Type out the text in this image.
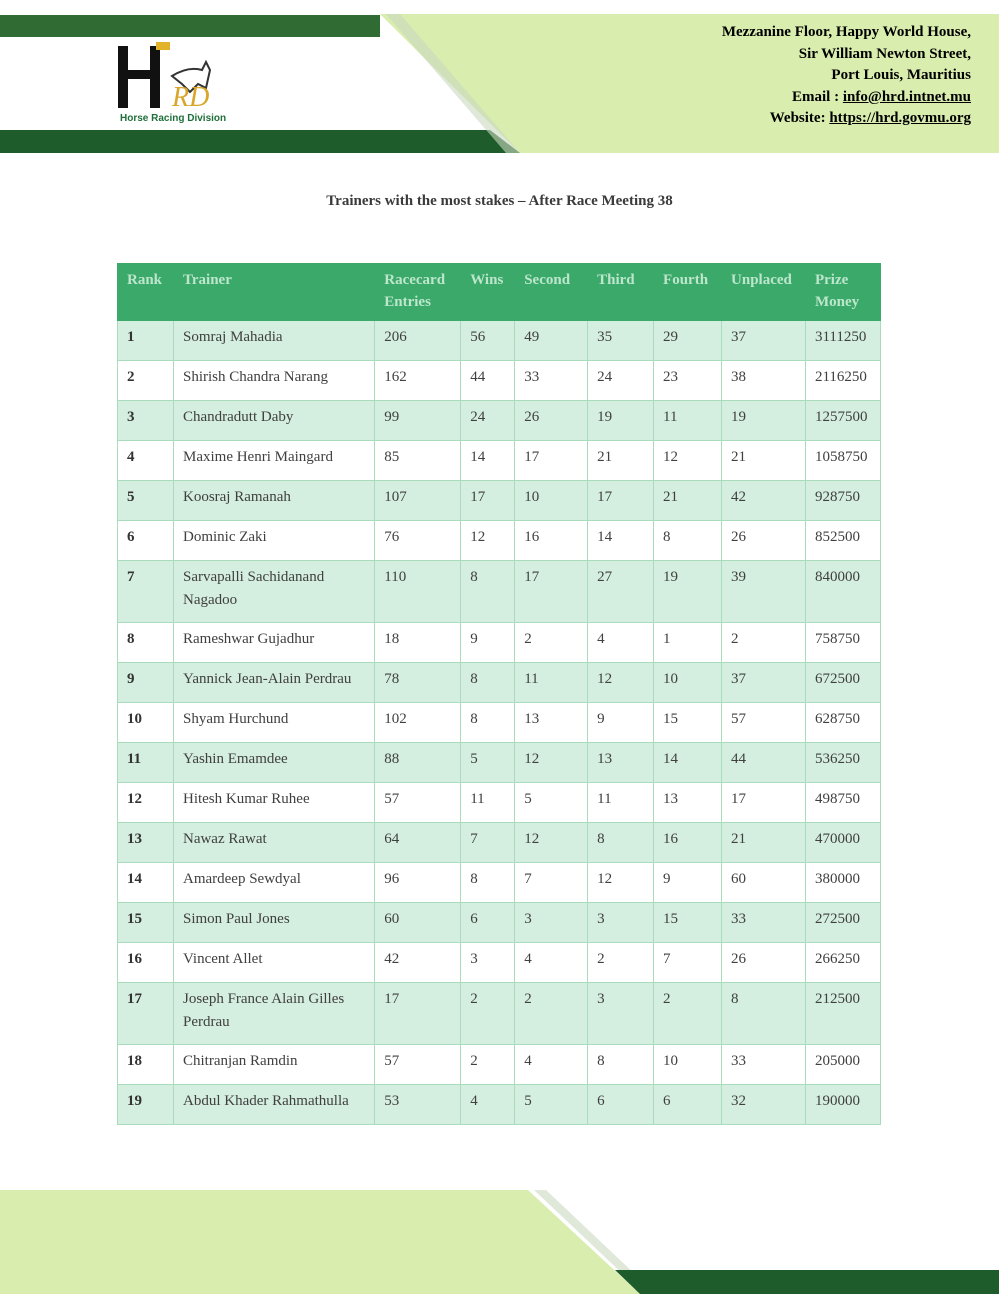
RD
Horse Racing Division
Mezzanine Floor, Happy World House,
Sir William Newton Street,
Port Louis, Mauritius
Email : info@hrd.intnet.mu
Website: https://hrd.govmu.org
Trainers with the most stakes – After Race Meeting 38
Rank	Trainer	Racecard Entries	Wins	Second	Third	Fourth	Unplaced	Prize Money
1	Somraj Mahadia	206	56	49	35	29	37	3111250
2	Shirish Chandra Narang	162	44	33	24	23	38	2116250
3	Chandradutt Daby	99	24	26	19	11	19	1257500
4	Maxime Henri Maingard	85	14	17	21	12	21	1058750
5	Koosraj Ramanah	107	17	10	17	21	42	928750
6	Dominic Zaki	76	12	16	14	8	26	852500
7	Sarvapalli Sachidanand Nagadoo	110	8	17	27	19	39	840000
8	Rameshwar Gujadhur	18	9	2	4	1	2	758750
9	Yannick Jean-Alain Perdrau	78	8	11	12	10	37	672500
10	Shyam Hurchund	102	8	13	9	15	57	628750
11	Yashin Emamdee	88	5	12	13	14	44	536250
12	Hitesh Kumar Ruhee	57	11	5	11	13	17	498750
13	Nawaz Rawat	64	7	12	8	16	21	470000
14	Amardeep Sewdyal	96	8	7	12	9	60	380000
15	Simon Paul Jones	60	6	3	3	15	33	272500
16	Vincent Allet	42	3	4	2	7	26	266250
17	Joseph France Alain Gilles Perdrau	17	2	2	3	2	8	212500
18	Chitranjan Ramdin	57	2	4	8	10	33	205000
19	Abdul Khader Rahmathulla	53	4	5	6	6	32	190000
